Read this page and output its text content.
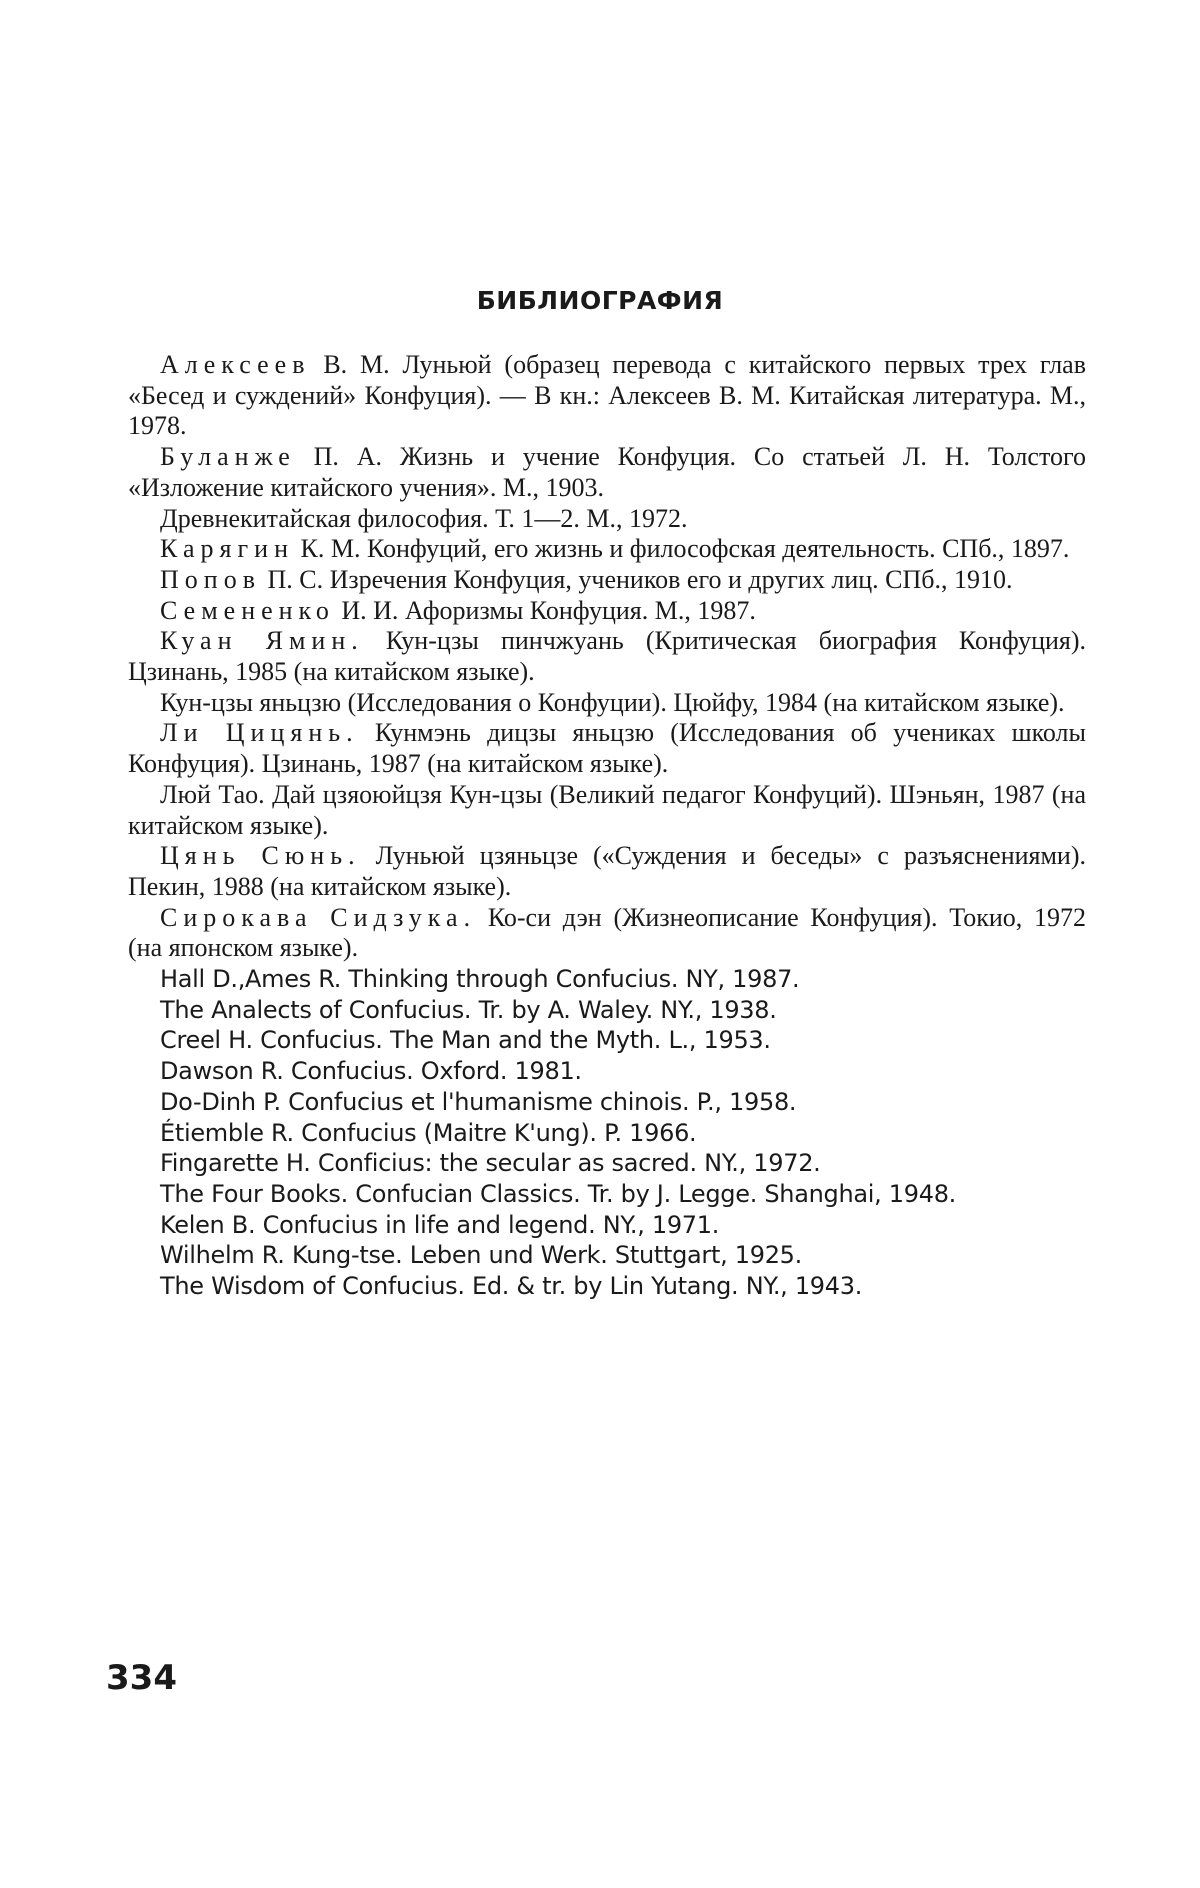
БИБЛИОГРАФИЯ

Алексеев В. М. Луньюй (образец перевода с китайского первых трех глав «Бесед и суждений» Конфуция). — В кн.: Алексеев В. М. Китайская литература. М., 1978.

Буланже П. А. Жизнь и учение Конфуция. Со статьей Л. Н. Толстого «Изложение китайского учения». М., 1903.

Древнекитайская философия. Т. 1—2. М., 1972.

Карягин К. М. Конфуций, его жизнь и философская деятельность. СПб., 1897.

Попов П. С. Изречения Конфуция, учеников его и других лиц. СПб., 1910.

Семененко И. И. Афоризмы Конфуция. М., 1987.

Куан Ямин. Кун-цзы пинчжуань (Критическая биография Конфуция). Цзинань, 1985 (на китайском языке).

Кун-цзы яньцзю (Исследования о Конфуции). Цюйфу, 1984 (на китайском языке).

Ли Цицянь. Кунмэнь дицзы яньцзю (Исследования об учениках школы Конфуция). Цзинань, 1987 (на китайском языке).

Люй Тао. Дай цзяоюйцзя Кун-цзы (Великий педагог Конфуций). Шэньян, 1987 (на китайском языке).

Цянь Сюнь. Луньюй цзяньцзе («Суждения и беседы» с разъяснениями). Пекин, 1988 (на китайском языке).

Сирокава Сидзука. Ко-си дэн (Жизнеописание Конфуция). Токио, 1972 (на японском языке).

Hall D.,Ames R. Thinking through Confucius. NY, 1987.

The Analects of Confucius. Tr. by A. Waley. NY., 1938.

Creel H. Confucius. The Man and the Myth. L., 1953.

Dawson R. Confucius. Oxford. 1981.

Do-Dinh P. Confucius et l'humanisme chinois. P., 1958.

Étiemble R. Confucius (Maitre K'ung). P. 1966.

Fingarette H. Conficius: the secular as sacred. NY., 1972.

The Four Books. Confucian Classics. Tr. by J. Legge. Shanghai, 1948.

Kelen B. Confucius in life and legend. NY., 1971.

Wilhelm R. Kung-tse. Leben und Werk. Stuttgart, 1925.

The Wisdom of Confucius. Ed. & tr. by Lin Yutang. NY., 1943.

334
